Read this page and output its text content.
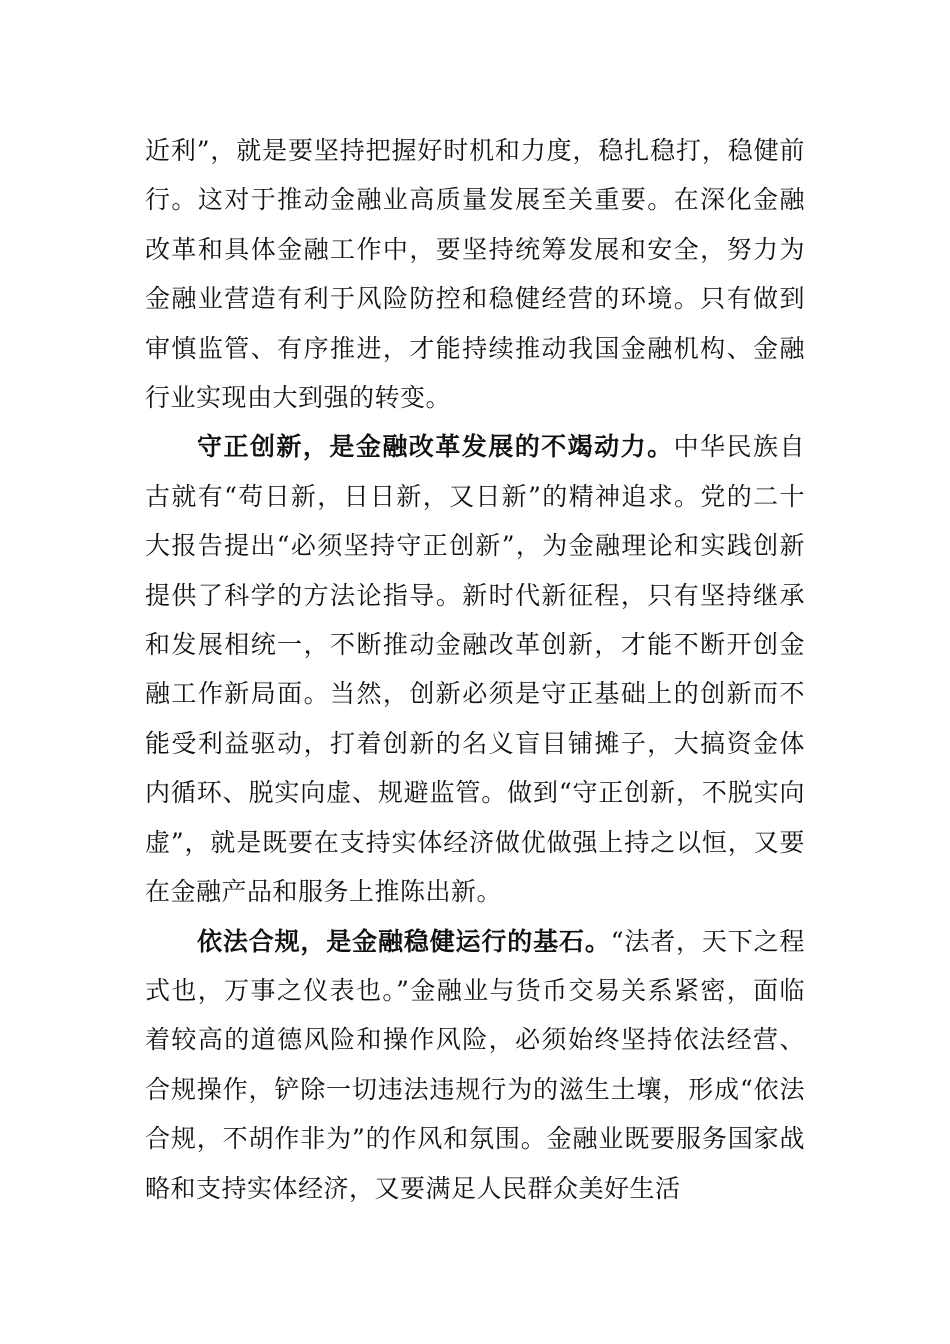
近利”，就是要坚持把握好时机和力度，稳扎稳打，稳健前行。这对于推动金融业高质量发展至关重要。在深化金融改革和具体金融工作中，要坚持统筹发展和安全，努力为金融业营造有利于风险防控和稳健经营的环境。只有做到审慎监管、有序推进，才能持续推动我国金融机构、金融行业实现由大到强的转变。

守正创新，是金融改革发展的不竭动力。中华民族自古就有“苟日新，日日新，又日新”的精神追求。党的二十大报告提出“必须坚持守正创新”，为金融理论和实践创新提供了科学的方法论指导。新时代新征程，只有坚持继承和发展相统一，不断推动金融改革创新，才能不断开创金融工作新局面。当然，创新必须是守正基础上的创新而不能受利益驱动，打着创新的名义盲目铺摊子，大搞资金体内循环、脱实向虚、规避监管。做到“守正创新，不脱实向虚”，就是既要在支持实体经济做优做强上持之以恒，又要在金融产品和服务上推陈出新。

依法合规，是金融稳健运行的基石。“法者，天下之程式也，万事之仪表也。”金融业与货币交易关系紧密，面临着较高的道德风险和操作风险，必须始终坚持依法经营、合规操作，铲除一切违法违规行为的滋生土壤，形成“依法合规，不胡作非为”的作风和氛围。金融业既要服务国家战略和支持实体经济，又要满足人民群众美好生活
